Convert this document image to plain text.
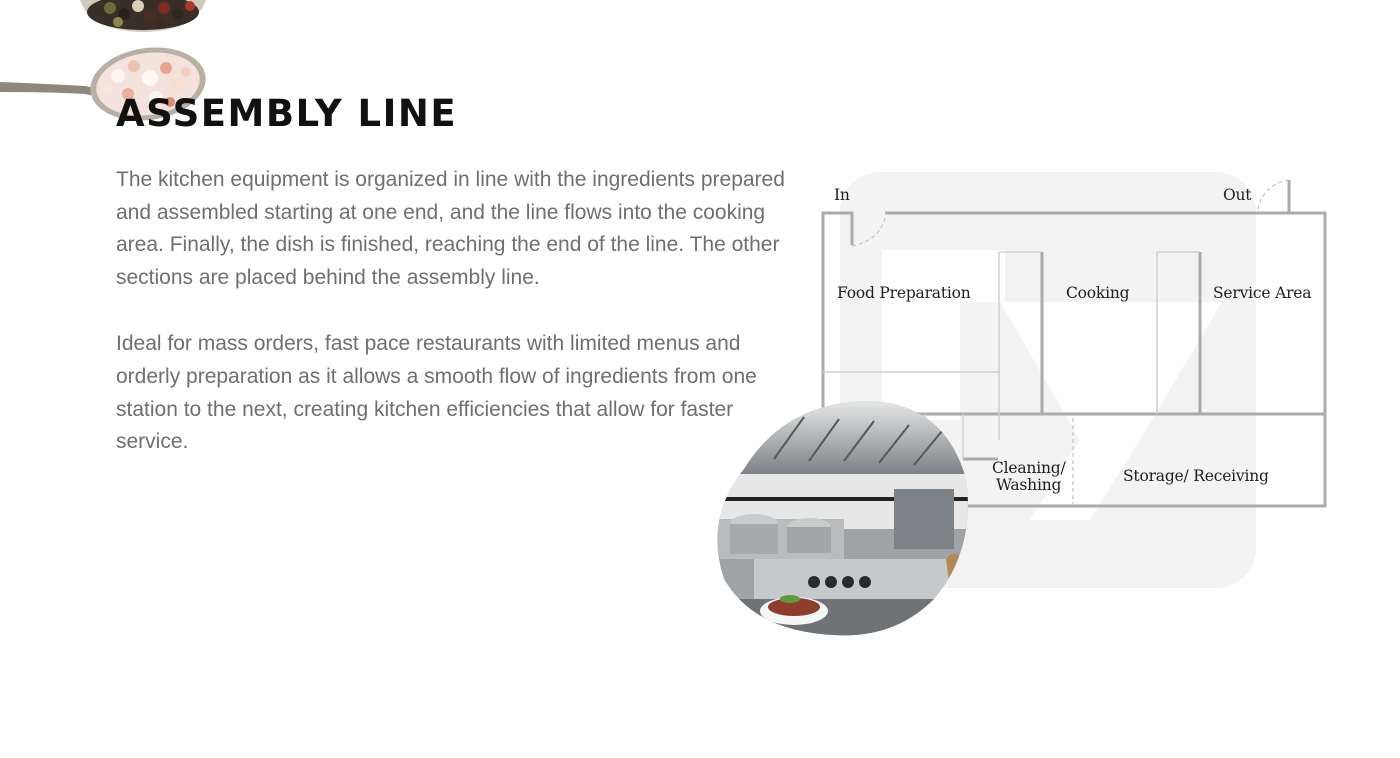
ASSEMBLY LINE

The kitchen equipment is organized in line with the ingredients prepared and assembled starting at one end, and the line flows into the cooking area. Finally, the dish is finished, reaching the end of the line. The other sections are placed behind the assembly line.

Ideal for mass orders, fast pace restaurants with limited menus and orderly preparation as it allows a smooth flow of ingredients from one station to the next, creating kitchen efficiencies that allow for faster service.

In	Out
Food Preparation	Cooking	Service Area
Cleaning/
Washing	Storage/ Receiving
